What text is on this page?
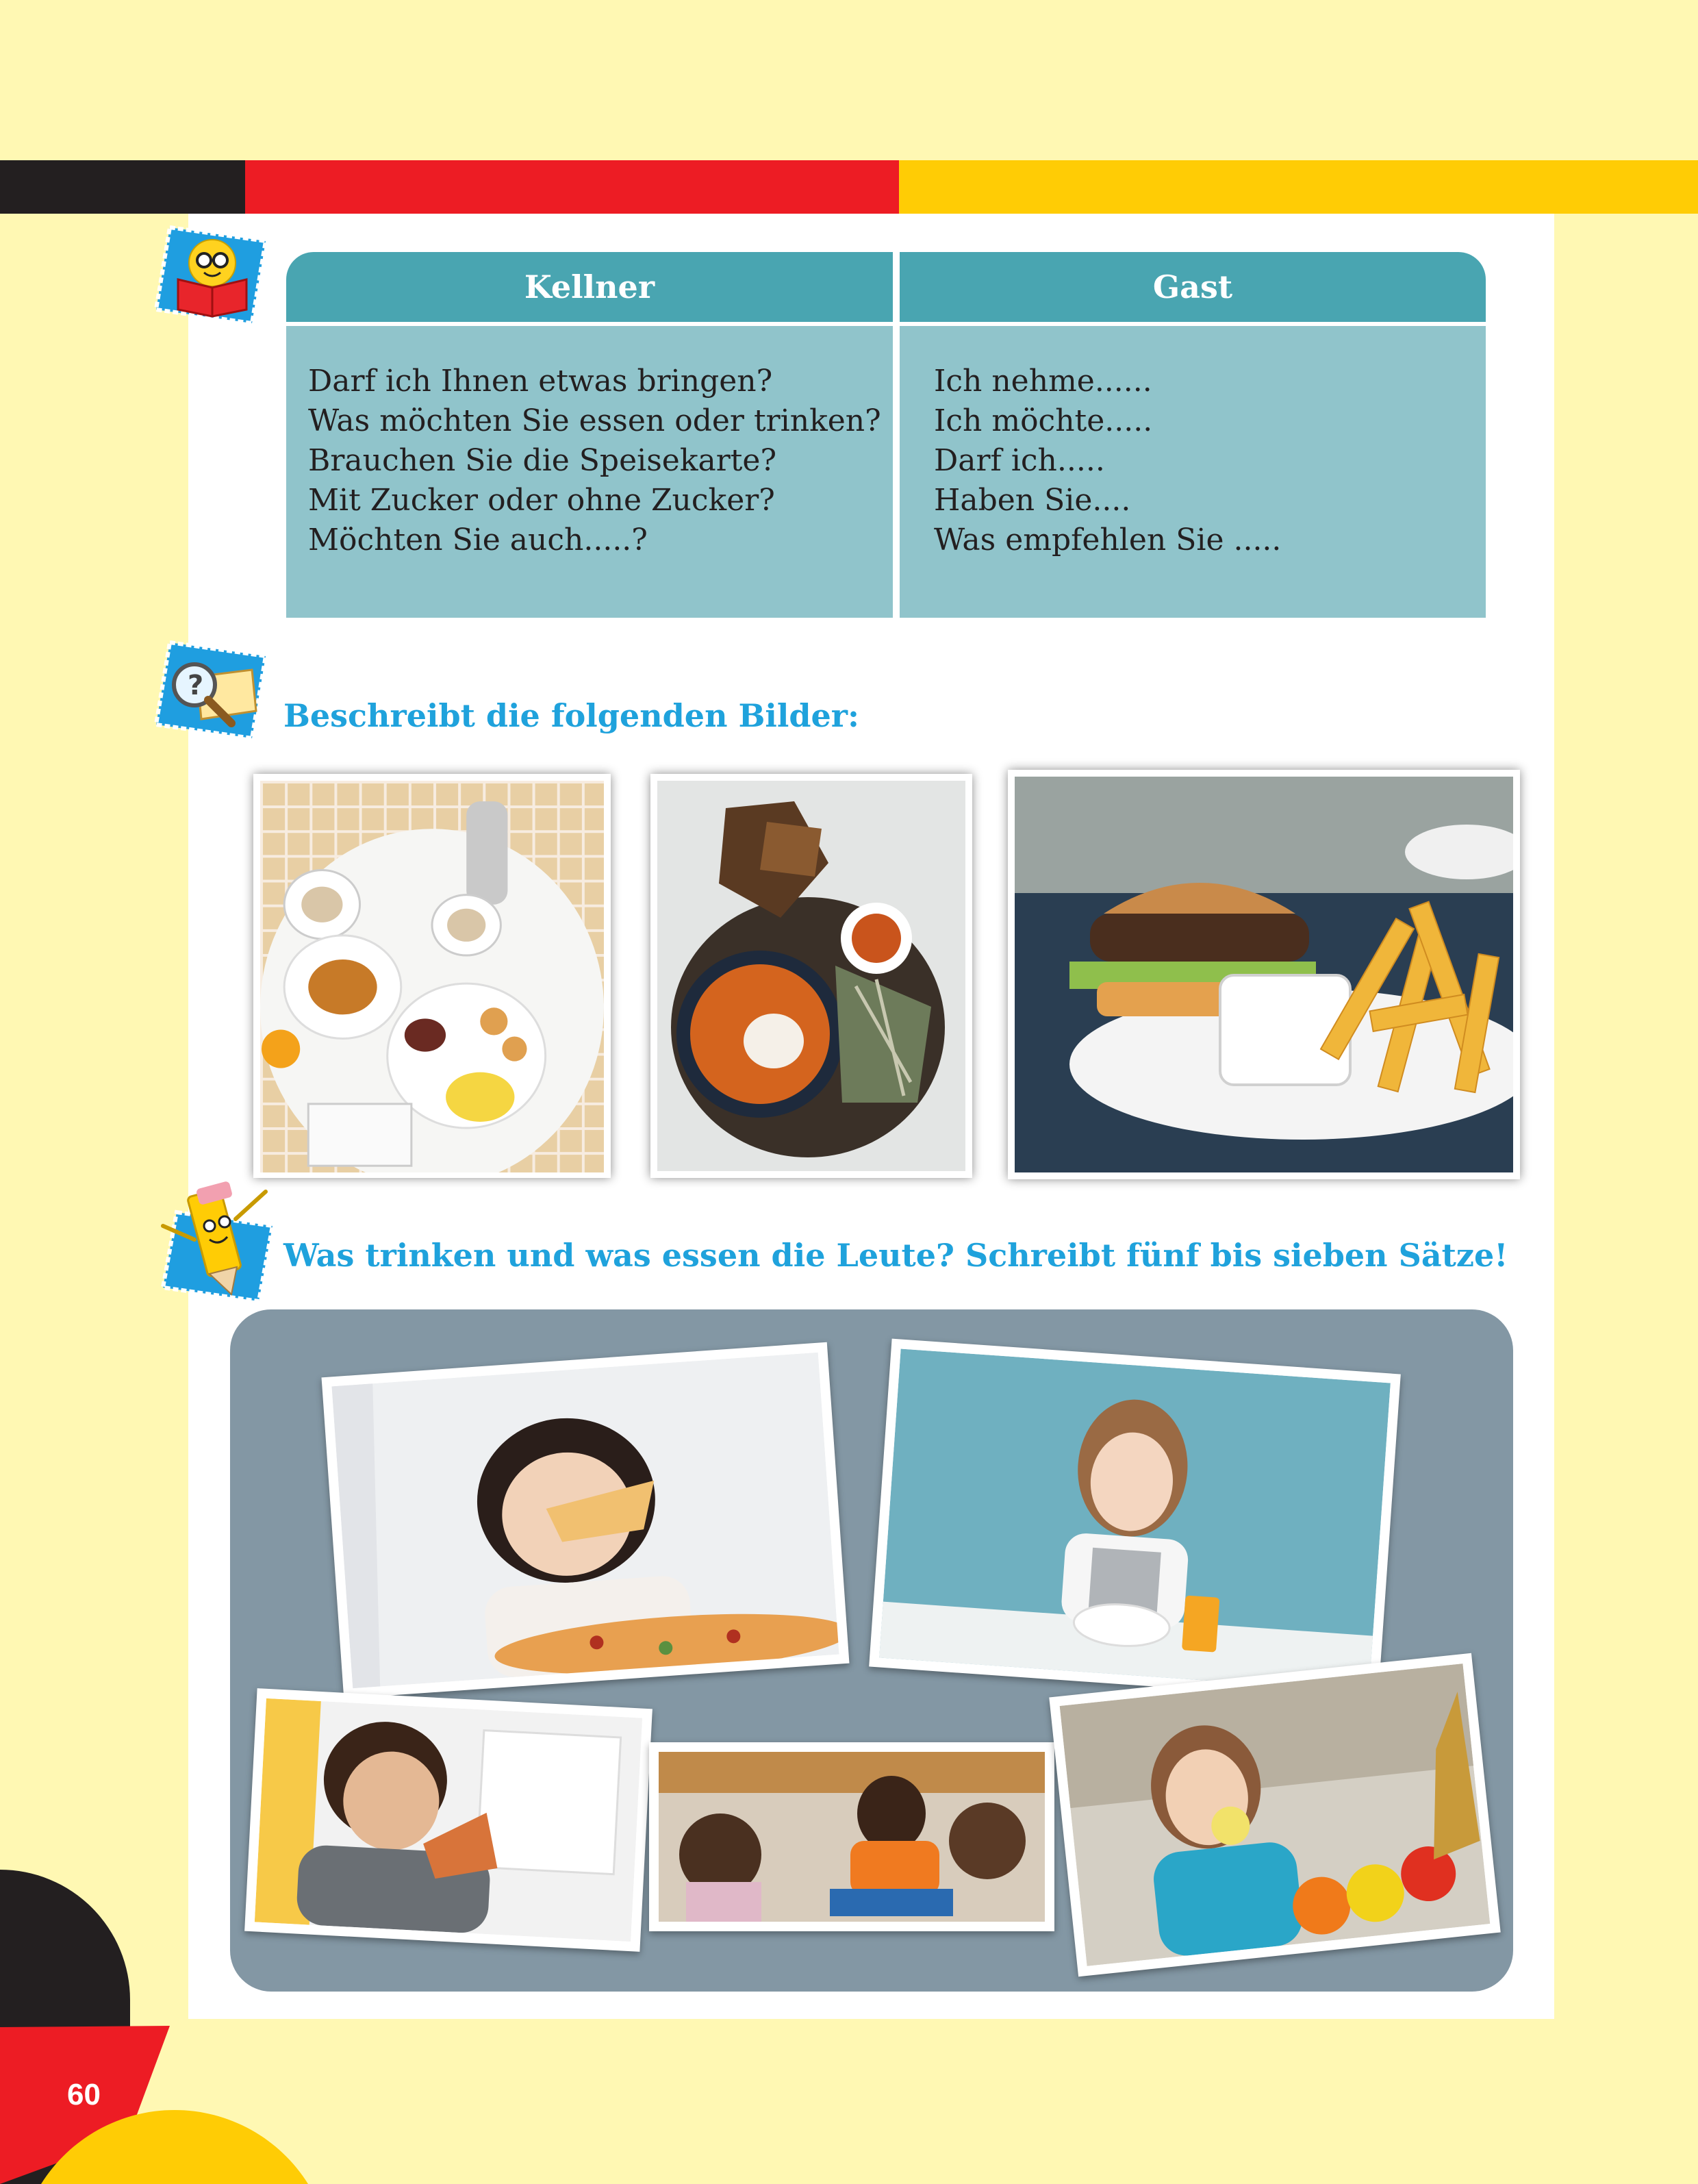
60
Kellner	Gast
Darf ich Ihnen etwas bringen?
Was möchten Sie essen oder trinken?
Brauchen Sie die Speisekarte?
Mit Zucker oder ohne Zucker?
Möchten Sie auch.....?
Ich nehme......
Ich möchte.....
Darf ich.....
Haben Sie....
Was empfehlen Sie .....
?
Beschreibt die folgenden Bilder:
Was trinken und was essen die Leute? Schreibt fünf bis sieben Sätze!
